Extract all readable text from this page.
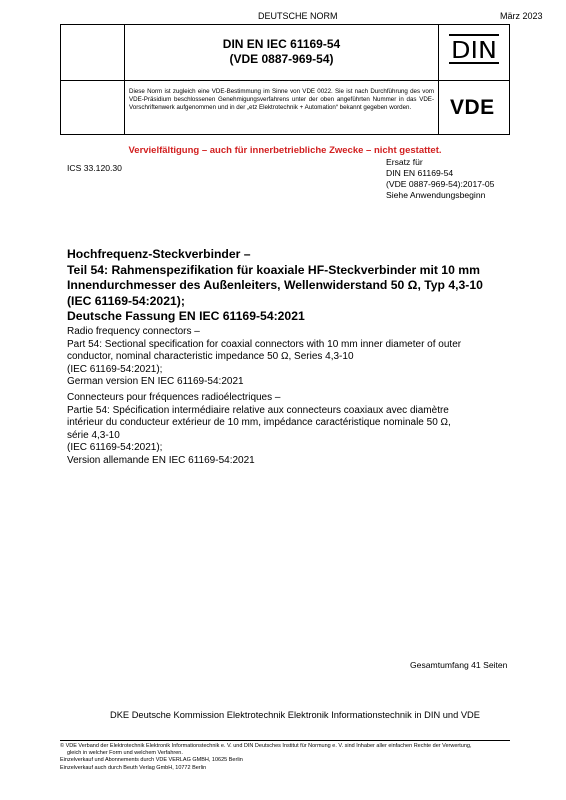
DEUTSCHE NORM	März 2023
DIN EN IEC 61169-54
(VDE 0887-969-54)	DIN
Diese Norm ist zugleich eine VDE-Bestimmung im Sinne von VDE 0022. Sie ist nach Durchführung des vom VDE-Präsidium beschlossenen Genehmigungsverfahrens unter der oben angeführten Nummer in das VDE-Vorschriftenwerk aufgenommen und in der „etz Elektrotechnik + Automation“ bekannt gegeben worden.	VDE
Vervielfältigung – auch für innerbetriebliche Zwecke – nicht gestattet.
ICS 33.120.30
Ersatz für
DIN EN 61169-54
(VDE 0887-969-54):2017-05
Siehe Anwendungsbeginn
Hochfrequenz-Steckverbinder –
Teil 54: Rahmenspezifikation für koaxiale HF-Steckverbinder mit 10 mm
Innendurchmesser des Außenleiters, Wellenwiderstand 50 Ω, Typ 4,3-10
(IEC 61169-54:2021);
Deutsche Fassung EN IEC 61169-54:2021
Radio frequency connectors –
Part 54: Sectional specification for coaxial connectors with 10 mm inner diameter of outer
conductor, nominal characteristic impedance 50 Ω, Series 4,3-10
(IEC 61169-54:2021);
German version EN IEC 61169-54:2021
Connecteurs pour fréquences radioélectriques –
Partie 54: Spécification intermédiaire relative aux connecteurs coaxiaux avec diamètre
intérieur du conducteur extérieur de 10 mm, impédance caractéristique nominale 50 Ω,
série 4,3-10
(IEC 61169-54:2021);
Version allemande EN IEC 61169-54:2021
Gesamtumfang 41 Seiten
DKE Deutsche Kommission Elektrotechnik Elektronik Informationstechnik in DIN und VDE
© VDE Verband der Elektrotechnik Elektronik Informationstechnik e. V. und DIN Deutsches Institut für Normung e. V. sind Inhaber aller einfachen Rechte der Verwertung,
gleich in welcher Form und welchem Verfahren.
Einzelverkauf und Abonnements durch VDE VERLAG GMBH, 10625 Berlin
Einzelverkauf auch durch Beuth Verlag GmbH, 10772 Berlin
